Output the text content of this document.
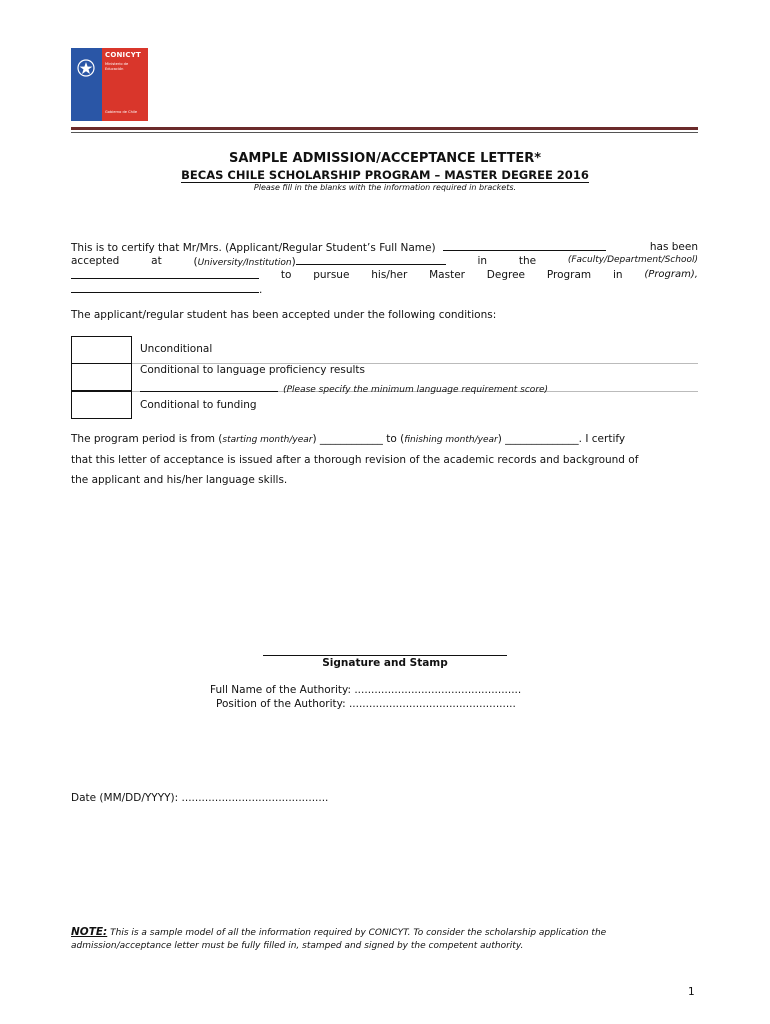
CONICYT
Ministerio de Educación
Gobierno de Chile
SAMPLE ADMISSION/ACCEPTANCE LETTER*
BECAS CHILE SCHOLARSHIP PROGRAM – MASTER DEGREE 2016
Please fill in the blanks with the information required in brackets.
This is to certify that Mr/Mrs. (Applicant/Regular Student’s Full Name)	has been
accepted	at	(University/Institution)	in	the	(Faculty/Department/School)
to pursue his/her Master Degree Program in (Program),
.
The applicant/regular student has been accepted under the following conditions:
Unconditional
Conditional to language proficiency results
(Please specify the minimum language requirement score)
Conditional to funding
The program period is from (starting month/year) ____________ to (finishing month/year) ______________. I certify
that this letter of acceptance is issued after a thorough revision of the academic records and background of
the applicant and his/her language skills.
Signature and Stamp
Full Name of the Authority: ..................................................
Position of the Authority: ..................................................
Date (MM/DD/YYYY): ............................................
NOTE: This is a sample model of all the information required by CONICYT. To consider the scholarship application the admission/acceptance letter must be fully filled in, stamped and signed by the competent authority.
1
